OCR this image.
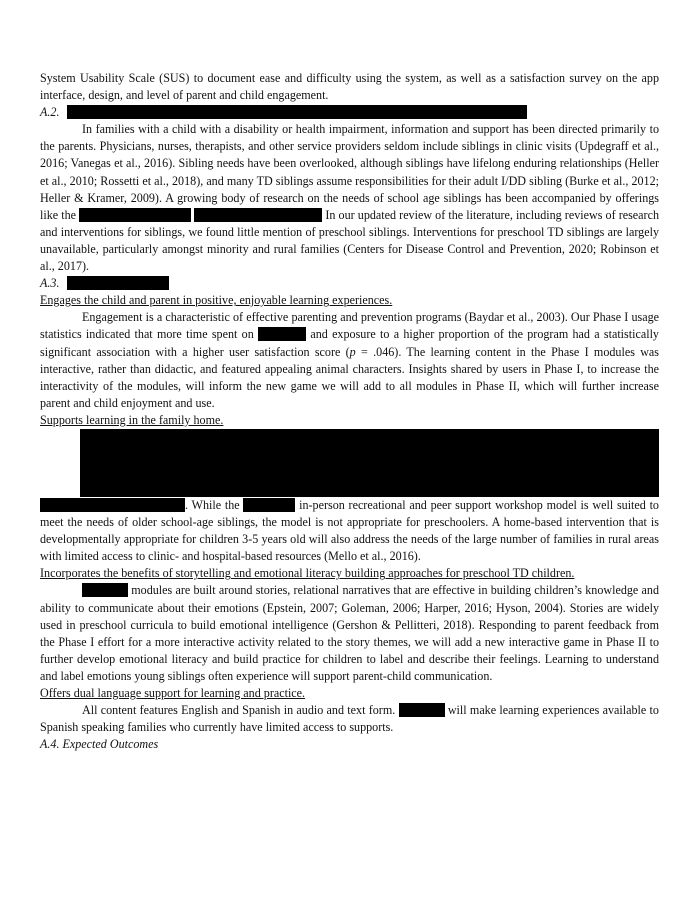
System Usability Scale (SUS) to document ease and difficulty using the system, as well as a satisfaction survey on the app interface, design, and level of parent and child engagement.

A.2.

In families with a child with a disability or health impairment, information and support has been directed primarily to the parents. Physicians, nurses, therapists, and other service providers seldom include siblings in clinic visits (Updegraff et al., 2016; Vanegas et al., 2016). Sibling needs have been overlooked, although siblings have lifelong enduring relationships (Heller et al., 2010; Rossetti et al., 2018), and many TD siblings assume responsibilities for their adult I/DD sibling (Burke et al., 2012; Heller & Kramer, 2009). A growing body of research on the needs of school age siblings has been accompanied by offerings like the	In our updated review of the literature, including reviews of research and interventions for siblings, we found little mention of preschool siblings. Interventions for preschool TD siblings are largely unavailable, particularly amongst minority and rural families (Centers for Disease Control and Prevention, 2020; Robinson et al., 2017).

A.3.
Engages the child and parent in positive, enjoyable learning experiences.

Engagement is a characteristic of effective parenting and prevention programs (Baydar et al., 2003). Our Phase I usage statistics indicated that more time spent on	and exposure to a higher proportion of the program had a statistically significant association with a higher user satisfaction score (p = .046). The learning content in the Phase I modules was interactive, rather than didactic, and featured appealing animal characters. Insights shared by users in Phase I, to increase the interactivity of the modules, will inform the new game we will add to all modules in Phase II, which will further increase parent and child enjoyment and use.

Supports learning in the family home.

. While the	in-person recreational and peer support workshop model is well suited to meet the needs of older school-age siblings, the model is not appropriate for preschoolers. A home-based intervention that is developmentally appropriate for children 3-5 years old will also address the needs of the large number of families in rural areas with limited access to clinic- and hospital-based resources (Mello et al., 2016).

Incorporates the benefits of storytelling and emotional literacy building approaches for preschool TD children.

modules are built around stories, relational narratives that are effective in building children’s knowledge and ability to communicate about their emotions (Epstein, 2007; Goleman, 2006; Harper, 2016; Hyson, 2004). Stories are widely used in preschool curricula to build emotional intelligence (Gershon & Pellitteri, 2018). Responding to parent feedback from the Phase I effort for a more interactive activity related to the story themes, we will add a new interactive game in Phase II to further develop emotional literacy and build practice for children to label and describe their feelings. Learning to understand and label emotions young siblings often experience will support parent-child communication.

Offers dual language support for learning and practice.

All content features English and Spanish in audio and text form.	will make learning experiences available to Spanish speaking families who currently have limited access to supports.

A.4. Expected Outcomes
